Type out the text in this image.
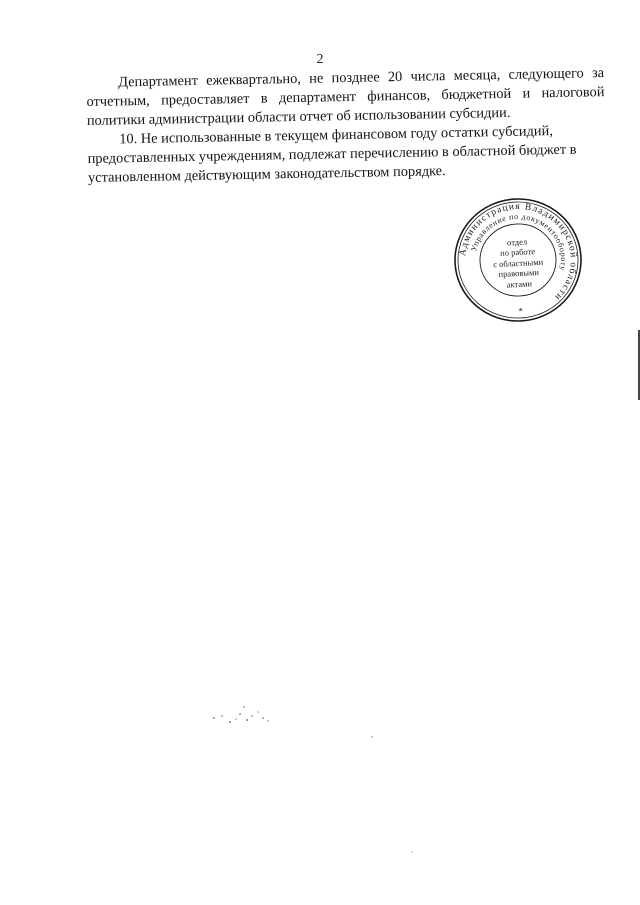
2

Департамент ежеквартально, не позднее 20 числа месяца, следующего за отчетным, предоставляет в департамент финансов, бюджетной и налоговой политики администрации области отчет об использовании субсидии.

10. Не использованные в текущем финансовом году остатки субсидий, предоставленных учреждениям, подлежат перечислению в областной бюджет в установленном действующим законодательством порядке.

Администрация Владимирской области
Управление по документообороту
*
отдел
по работе
с областными
правовыми
актами
